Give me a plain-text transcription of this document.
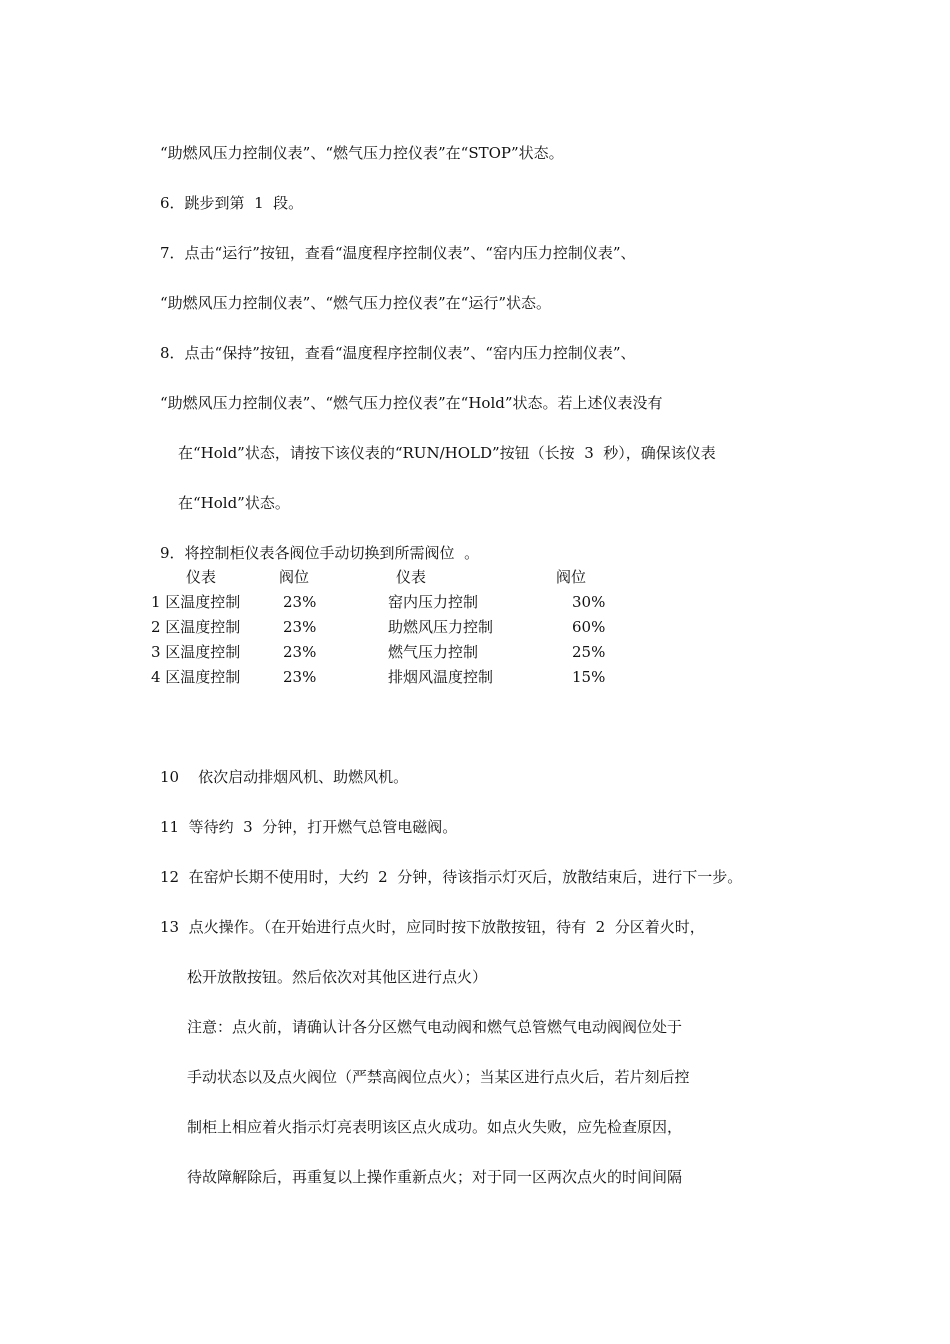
“助燃风压力控制仪表”、“燃气压力控仪表”在“STOP”状态。
6．跳步到第  1  段。
7．点击“运行”按钮，查看“温度程序控制仪表”、“窑内压力控制仪表”、
“助燃风压力控制仪表”、“燃气压力控仪表”在“运行”状态。
8．点击“保持”按钮，查看“温度程序控制仪表”、“窑内压力控制仪表”、
“助燃风压力控制仪表”、“燃气压力控仪表”在“Hold”状态。若上述仪表没有
在“Hold”状态，请按下该仪表的“RUN/HOLD”按钮（长按  3  秒），确保该仪表
在“Hold”状态。
9．将控制柜仪表各阀位手动切换到所需阀位  。
仪表	阀位	仪表	阀位
1 区温度控制	23%	窑内压力控制	30%
2 区温度控制	23%	助燃风压力控制	60%
3 区温度控制	23%	燃气压力控制	25%
4 区温度控制	23%	排烟风温度控制	15%
10    依次启动排烟风机、助燃风机。
11  等待约  3  分钟，打开燃气总管电磁阀。
12  在窑炉长期不使用时，大约  2  分钟，待该指示灯灭后，放散结束后，进行下一步。
13  点火操作。（在开始进行点火时，应同时按下放散按钮，待有  2  分区着火时，
松开放散按钮。然后依次对其他区进行点火）
注意：点火前，请确认计各分区燃气电动阀和燃气总管燃气电动阀阀位处于
手动状态以及点火阀位（严禁高阀位点火）；当某区进行点火后，若片刻后控
制柜上相应着火指示灯亮表明该区点火成功。如点火失败，应先检查原因，
待故障解除后，再重复以上操作重新点火；对于同一区两次点火的时间间隔
